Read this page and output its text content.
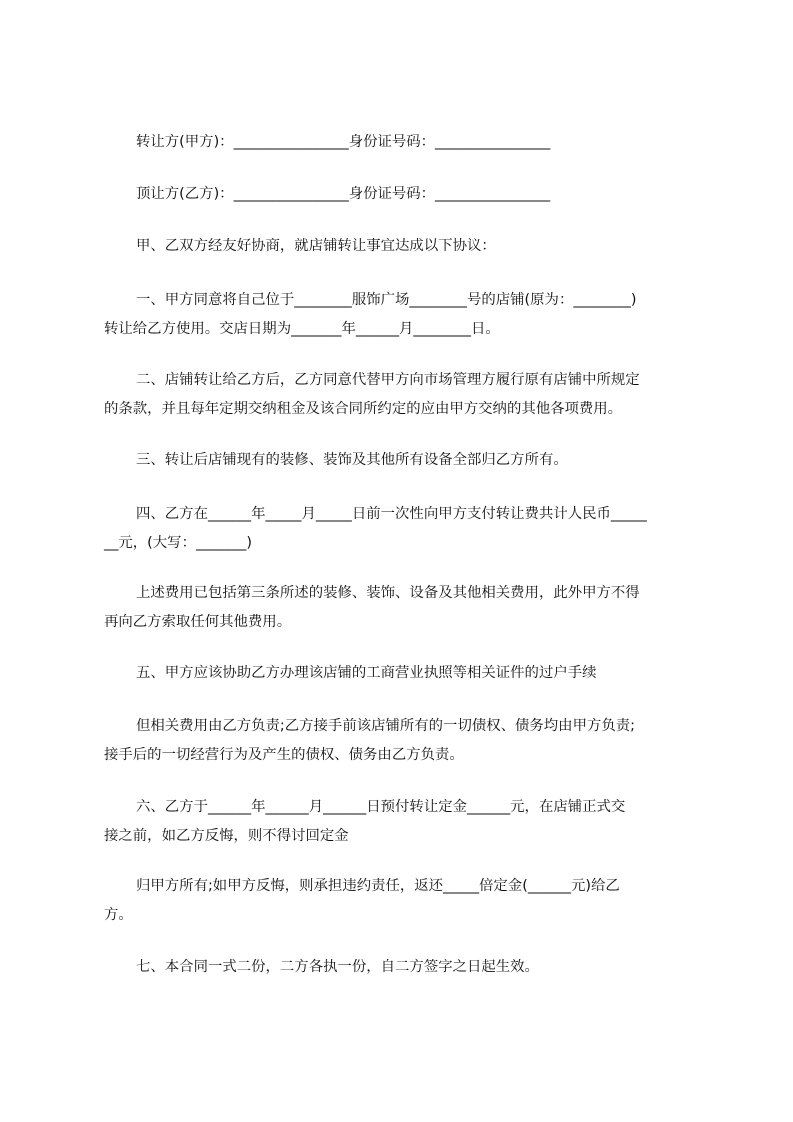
转让方(甲方)：________________身份证号码：________________
顶让方(乙方)：________________身份证号码：________________
甲、乙双方经友好协商，就店铺转让事宜达成以下协议：
一、甲方同意将自己位于________服饰广场________号的店铺(原为：________)
转让给乙方使用。交店日期为_______年______月________日。
二、店铺转让给乙方后，乙方同意代替甲方向市场管理方履行原有店铺中所规定
的条款，并且每年定期交纳租金及该合同所约定的应由甲方交纳的其他各项费用。
三、转让后店铺现有的装修、装饰及其他所有设备全部归乙方所有。
四、乙方在______年_____月_____日前一次性向甲方支付转让费共计人民币_____
__元，(大写：_______)
上述费用已包括第三条所述的装修、装饰、设备及其他相关费用，此外甲方不得
再向乙方索取任何其他费用。
五、甲方应该协助乙方办理该店铺的工商营业执照等相关证件的过户手续
但相关费用由乙方负责;乙方接手前该店铺所有的一切债权、债务均由甲方负责;
接手后的一切经营行为及产生的债权、债务由乙方负责。
六、乙方于______年______月______日预付转让定金______元，在店铺正式交
接之前，如乙方反悔，则不得讨回定金
归甲方所有;如甲方反悔，则承担违约责任，返还_____倍定金(______元)给乙
方。
七、本合同一式二份，二方各执一份，自二方签字之日起生效。
